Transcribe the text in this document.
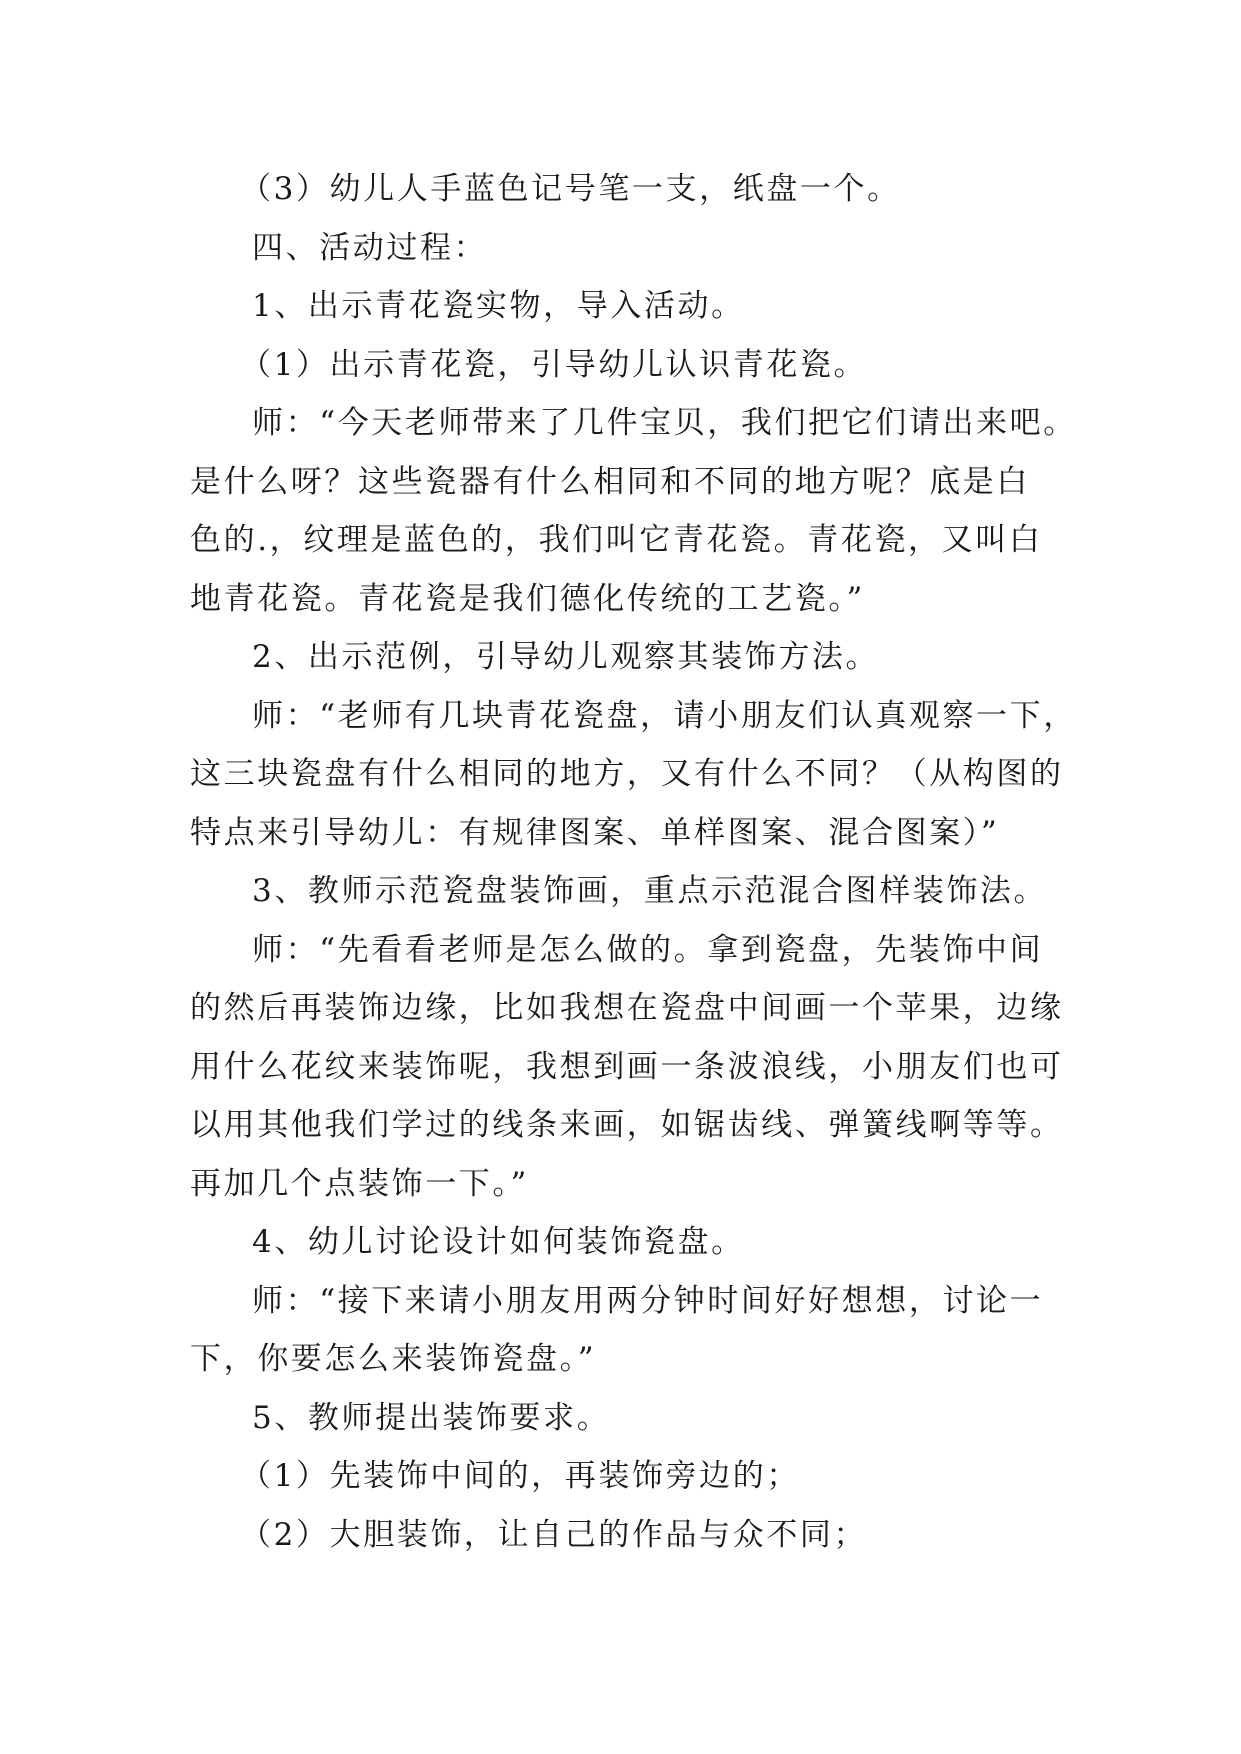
（3）幼儿人手蓝色记号笔一支，纸盘一个。
四、活动过程：
1、出示青花瓷实物，导入活动。
（1）出示青花瓷，引导幼儿认识青花瓷。
师：“今天老师带来了几件宝贝，我们把它们请出来吧。
是什么呀？这些瓷器有什么相同和不同的地方呢？底是白
色的.，纹理是蓝色的，我们叫它青花瓷。青花瓷，又叫白
地青花瓷。青花瓷是我们德化传统的工艺瓷。”
2、出示范例，引导幼儿观察其装饰方法。
师：“老师有几块青花瓷盘，请小朋友们认真观察一下，
这三块瓷盘有什么相同的地方，又有什么不同？（从构图的
特点来引导幼儿：有规律图案、单样图案、混合图案）”
3、教师示范瓷盘装饰画，重点示范混合图样装饰法。
师：“先看看老师是怎么做的。拿到瓷盘，先装饰中间
的然后再装饰边缘，比如我想在瓷盘中间画一个苹果，边缘
用什么花纹来装饰呢，我想到画一条波浪线，小朋友们也可
以用其他我们学过的线条来画，如锯齿线、弹簧线啊等等。
再加几个点装饰一下。”
4、幼儿讨论设计如何装饰瓷盘。
师：“接下来请小朋友用两分钟时间好好想想，讨论一
下，你要怎么来装饰瓷盘。”
5、教师提出装饰要求。
（1）先装饰中间的，再装饰旁边的；
（2）大胆装饰，让自己的作品与众不同；
